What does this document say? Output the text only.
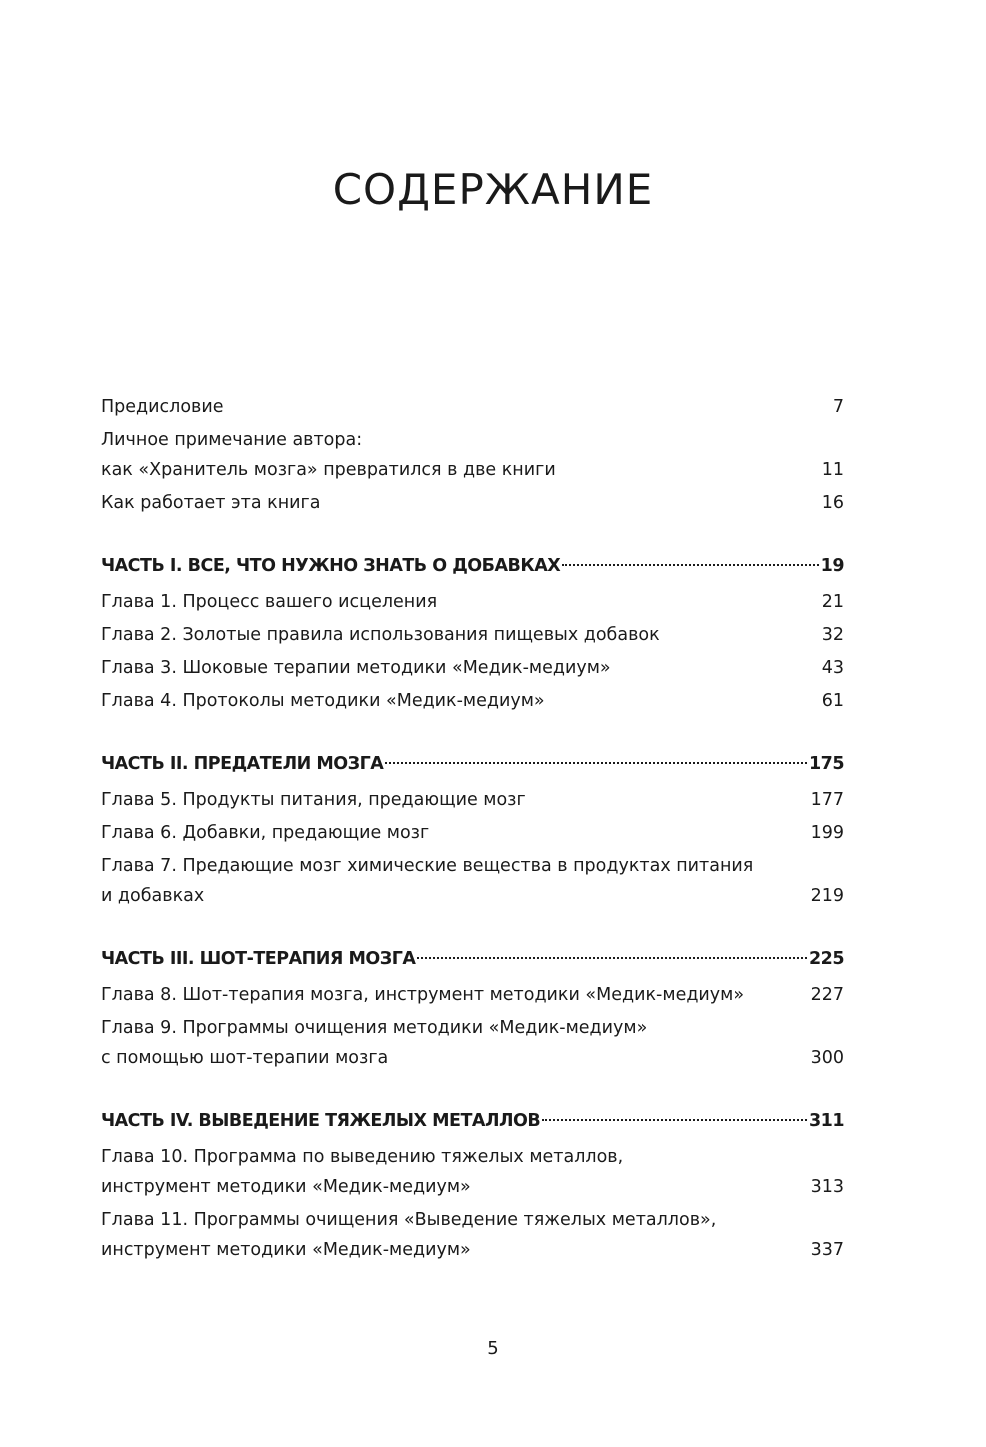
СОДЕРЖАНИЕ
Предисловие	7
Личное примечание автора:
как «Хранитель мозга» превратился в две книги	11
Как работает эта книга	16
ЧАСТЬ I. ВСЕ, ЧТО НУЖНО ЗНАТЬ О ДОБАВКАХ	19
Глава 1. Процесс вашего исцеления	21
Глава 2. Золотые правила использования пищевых добавок	32
Глава 3. Шоковые терапии методики «Медик-медиум»	43
Глава 4. Протоколы методики «Медик-медиум»	61
ЧАСТЬ II. ПРЕДАТЕЛИ МОЗГА	175
Глава 5. Продукты питания, предающие мозг	177
Глава 6. Добавки, предающие мозг	199
Глава 7. Предающие мозг химические вещества в продуктах питания
и добавках	219
ЧАСТЬ III. ШОТ-ТЕРАПИЯ МОЗГА	225
Глава 8. Шот-терапия мозга, инструмент методики «Медик-медиум»	227
Глава 9. Программы очищения методики «Медик-медиум»
с помощью шот-терапии мозга	300
ЧАСТЬ IV. ВЫВЕДЕНИЕ ТЯЖЕЛЫХ МЕТАЛЛОВ	311
Глава 10. Программа по выведению тяжелых металлов,
инструмент методики «Медик-медиум»	313
Глава 11. Программы очищения «Выведение тяжелых металлов»,
инструмент методики «Медик-медиум»	337
5
